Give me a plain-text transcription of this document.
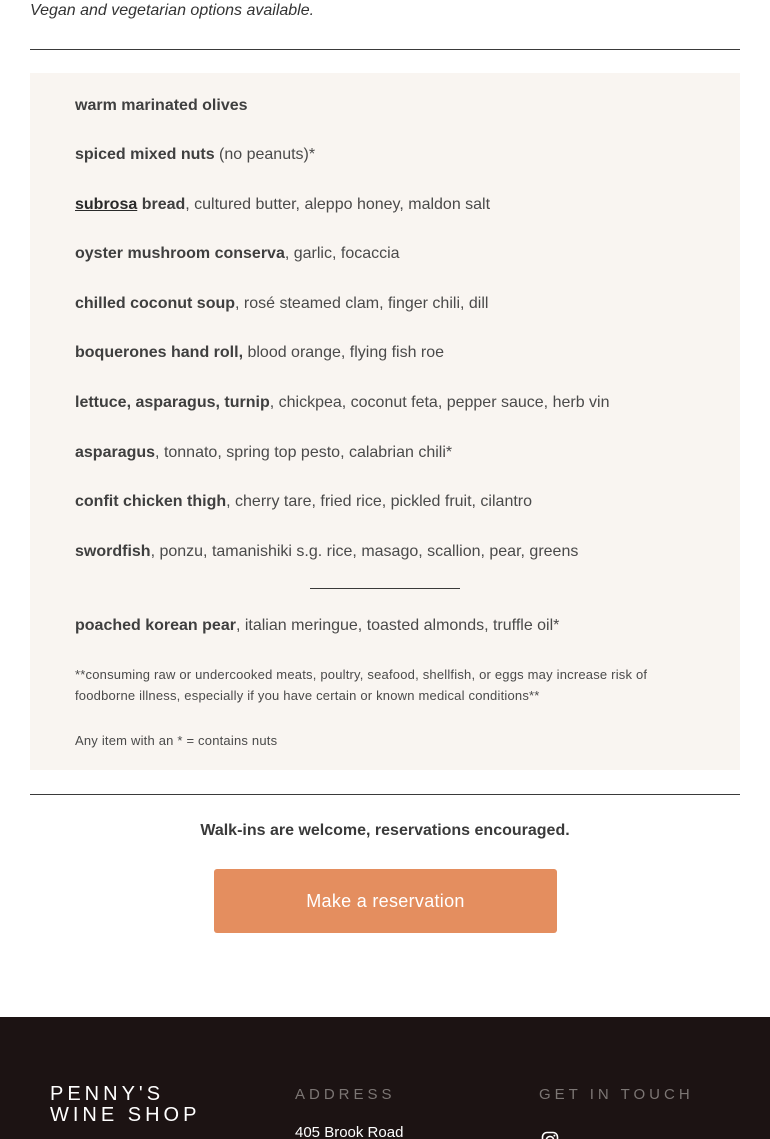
Vegan and vegetarian options available.
warm marinated olives
spiced mixed nuts (no peanuts)*
subrosa bread, cultured butter, aleppo honey, maldon salt
oyster mushroom conserva, garlic, focaccia
chilled coconut soup, rosé steamed clam, finger chili, dill
boquerones hand roll, blood orange, flying fish roe
lettuce, asparagus, turnip, chickpea, coconut feta, pepper sauce, herb vin
asparagus, tonnato, spring top pesto, calabrian chili*
confit chicken thigh, cherry tare, fried rice, pickled fruit, cilantro
swordfish, ponzu, tamanishiki s.g. rice, masago, scallion, pear, greens
poached korean pear, italian meringue, toasted almonds, truffle oil*
**consuming raw or undercooked meats, poultry, seafood, shellfish, or eggs may increase risk of foodborne illness, especially if you have certain or known medical conditions**
Any item with an * = contains nuts
Walk-ins are welcome, reservations encouraged.
Make a reservation
PENNY'S
WINE SHOP
ADDRESS
405 Brook Road
GET IN TOUCH
